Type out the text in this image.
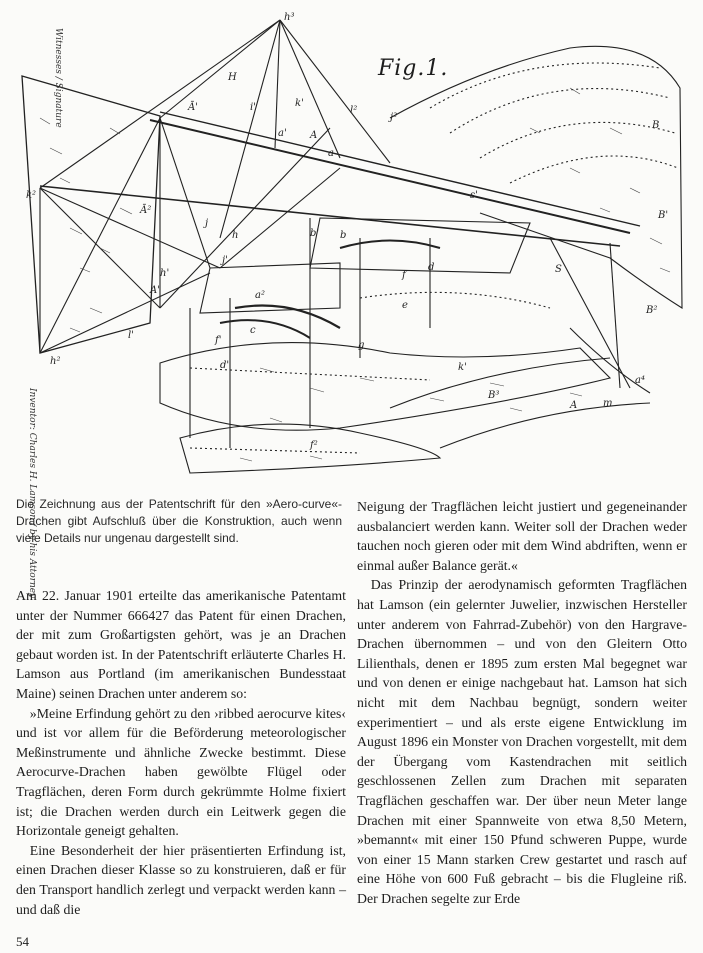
Witnesses / Signature
Inventor: Charles H. Lamson / by his Attorney
h³
H
Ā'	i'	k'
l²
j²
a' A
a
s'
B
B'
S
B²
B³
A	m
a⁴
k²
Ā²
j
h
j'
a²
d'
c
f
e
d
b
f'
f²
h'
k'
l'
h²
b'
g
A'
Fig.1.
Die Zeichnung aus der Patentschrift für den »Aero-curve«-Drachen gibt Aufschluß über die Konstruktion, auch wenn viele Details nur ungenau dargestellt sind.

Am 22. Januar 1901 erteilte das amerikanische Patentamt unter der Nummer 666427 das Patent für einen Drachen, der mit zum Großartigsten gehört, was je an Drachen gebaut worden ist. In der Patentschrift erläuterte Charles H. Lamson aus Portland (im amerikanischen Bundesstaat Maine) seinen Drachen unter anderem so:

»Meine Erfindung gehört zu den ›ribbed aerocurve kites‹ und ist vor allem für die Beförderung meteorologischer Meßinstrumente und ähnliche Zwecke bestimmt. Diese Aerocurve-Drachen haben gewölbte Flügel oder Tragflächen, deren Form durch gekrümmte Holme fixiert ist; die Drachen werden durch ein Leitwerk gegen die Horizontale geneigt gehalten.

Eine Besonderheit der hier präsentierten Erfindung ist, einen Drachen dieser Klasse so zu konstruieren, daß er für den Transport handlich zerlegt und verpackt werden kann – und daß die

Neigung der Tragflächen leicht justiert und gegeneinander ausbalanciert werden kann. Weiter soll der Drachen weder tauchen noch gieren oder mit dem Wind abdriften, wenn er einmal außer Balance gerät.«

Das Prinzip der aerodynamisch geformten Tragflächen hat Lamson (ein gelernter Juwelier, inzwischen Hersteller unter anderem von Fahrrad-Zubehör) von den Hargrave-Drachen übernommen – und von den Gleitern Otto Lilienthals, denen er 1895 zum ersten Mal begegnet war und von denen er einige nachgebaut hat. Lamson hat sich nicht mit dem Nachbau begnügt, sondern weiter experimentiert – und als erste eigene Entwicklung im August 1896 ein Monster von Drachen vorgestellt, mit dem der Übergang vom Kastendrachen mit seitlich geschlossenen Zellen zum Drachen mit separaten Tragflächen geschaffen war. Der über neun Meter lange Drachen mit einer Spannweite von etwa 8,50 Metern, »bemannt« mit einer 150 Pfund schweren Puppe, wurde von einer 15 Mann starken Crew gestartet und rasch auf eine Höhe von 600 Fuß gebracht – bis die Flugleine riß. Der Drachen segelte zur Erde

54
